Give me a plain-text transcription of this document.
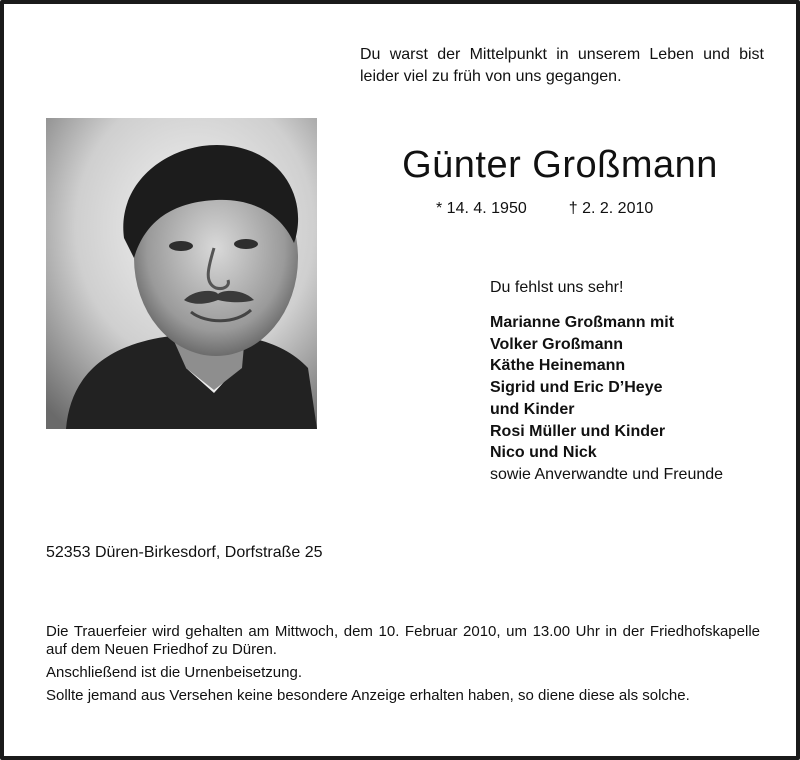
Du warst der Mittelpunkt in unserem Leben und bist leider viel zu früh von uns gegangen.
Günter Großmann
* 14. 4. 1950	† 2. 2. 2010
Du fehlst uns sehr!
Marianne Großmann mit
Volker Großmann
Käthe Heinemann
Sigrid und Eric D’Heye
und Kinder
Rosi Müller und Kinder
Nico und Nick
sowie Anverwandte und Freunde
52353 Düren-Birkesdorf, Dorfstraße 25

Die Trauerfeier wird gehalten am Mittwoch, dem 10. Februar 2010, um 13.00 Uhr in der Friedhofskapelle auf dem Neuen Friedhof zu Düren.

Anschließend ist die Urnenbeisetzung.

Sollte jemand aus Versehen keine besondere Anzeige erhalten haben, so diene diese als solche.
